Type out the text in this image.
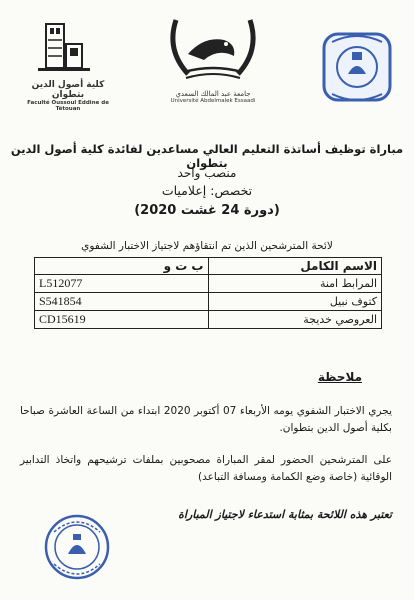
كلية أصول الدين بتطوان
Faculté Oussoul Eddine de Tétouan
جامعة عبد المالك السعدي
Université Abdelmalek Essaadi
مباراة توظيف أساتذة التعليم العالي مساعدين لفائدة كلية أصول الدين بتطوان
منصب واحد
تخصص: إعلاميات
(دورة 24 غشت 2020)
لائحة المترشحين الذين تم انتقاؤهم لاجتياز الاختبار الشفوي
ب ت و	الاسم الكامل
L512077	المرابط امنة
S541854	كتوف نبيل
CD15619	العروصي خديجة
ملاحظة
يجري الاختبار الشفوي يومه الأربعاء 07 أكتوبر 2020 ابتداء من الساعة العاشرة صباحا بكلية أصول الدين بتطوان.
على المترشحين الحضور لمقر المباراة مصحوبين بملفات ترشيحهم واتخاذ التدابير الوقائية (خاصة وضع الكمامة ومسافة التباعد)
تعتبر هذه اللائحة بمثابة استدعاء لاجتياز المباراة
